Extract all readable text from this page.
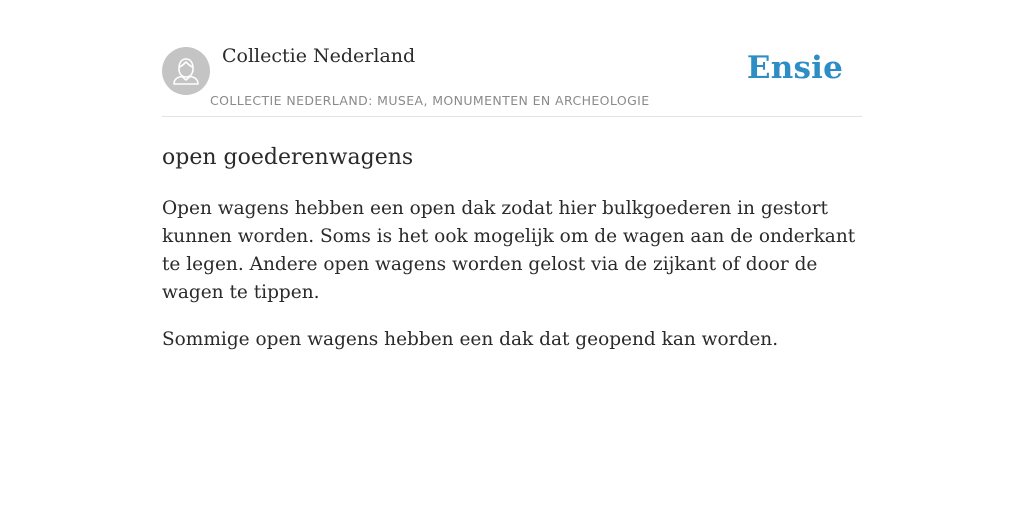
Collectie Nederland
COLLECTIE NEDERLAND: MUSEA, MONUMENTEN EN ARCHEOLOGIE
Ensie
open goederenwagens

Open wagens hebben een open dak zodat hier bulkgoederen in gestort kunnen worden. Soms is het ook mogelijk om de wagen aan de onderkant te legen. Andere open wagens worden gelost via de zijkant of door de wagen te tippen.

Sommige open wagens hebben een dak dat geopend kan worden.
